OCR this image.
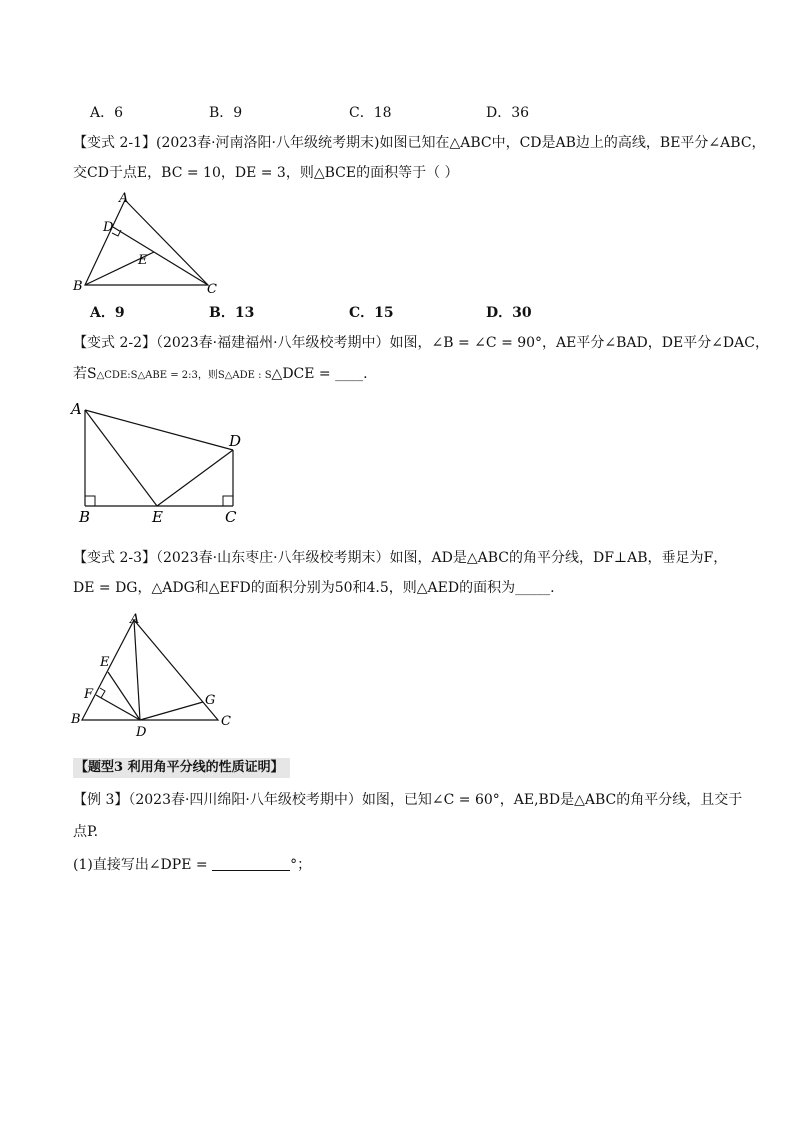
A．6	B．9	C．18	D．36
【变式 2-1】(2023春·河南洛阳·八年级统考期末)如图已知在△ABC中，CD是AB边上的高线，BE平分∠ABC，
交CD于点E，BC = 10，DE = 3，则△BCE的面积等于（ ）
A
D
E
B	C
A．9	B．13	C．15	D．30
【变式 2-2】（2023春·福建福州·八年级校考期中）如图，∠B = ∠C = 90°，AE平分∠BAD，DE平分∠DAC，
若S△CDE:S△ABE = 2:3，则S△ADE : S△DCE = ____.
A
D
B	E	C
【变式 2-3】（2023春·山东枣庄·八年级校考期末）如图，AD是△ABC的角平分线，DF⊥AB，垂足为F，
DE = DG，△ADG和△EFD的面积分别为50和4.5，则△AED的面积为_____.
A
E
F	G
B
D
C
【题型3 利用角平分线的性质证明】
【例 3】（2023春·四川绵阳·八年级校考期中）如图，已知∠C = 60°，AE,BD是△ABC的角平分线，且交于
点P.
(1)直接写出∠DPE =	°；
